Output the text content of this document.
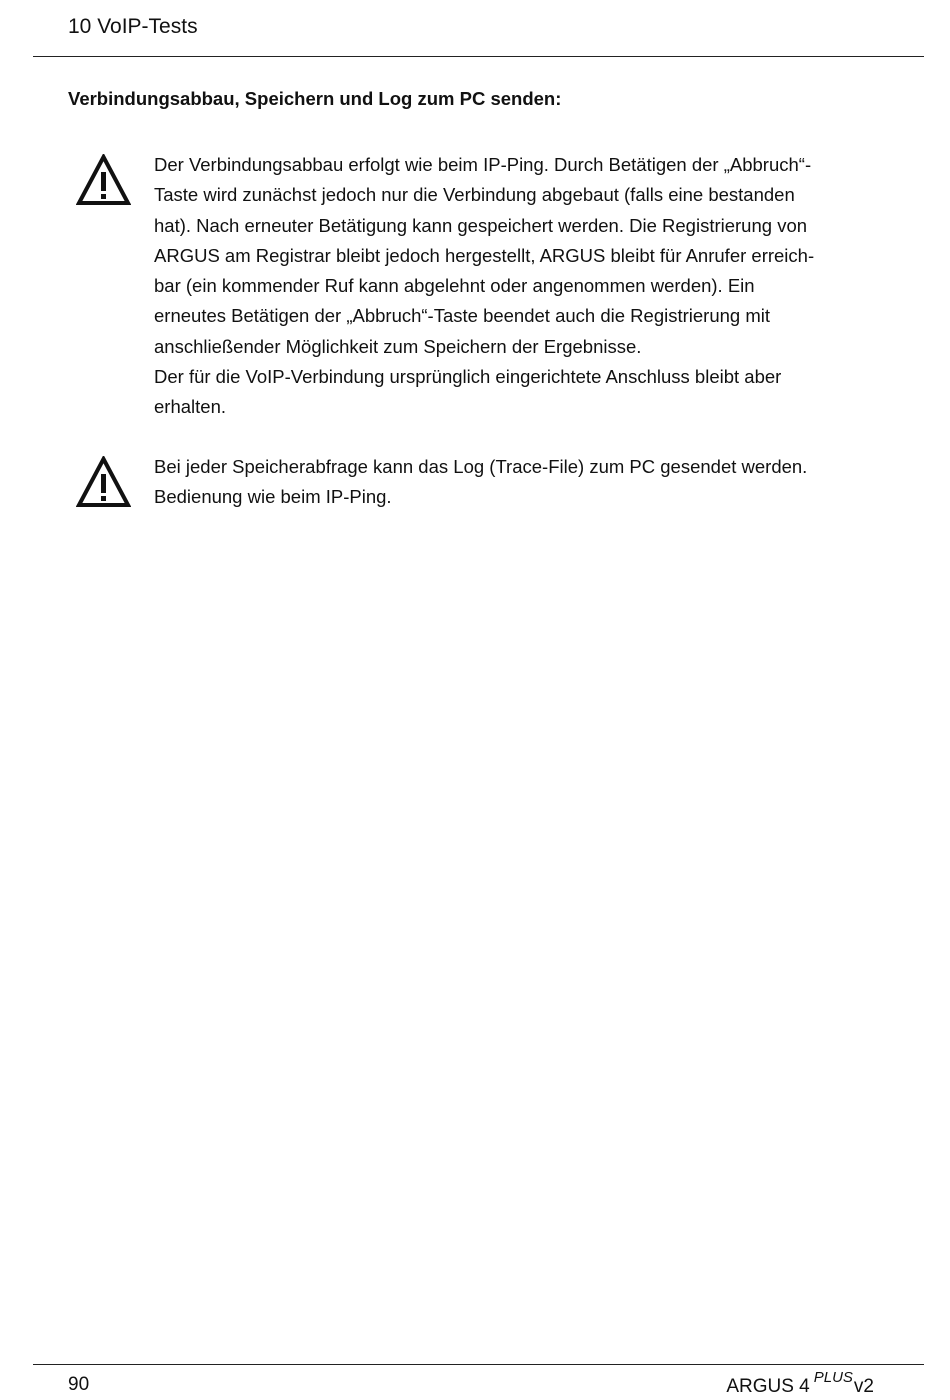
10 VoIP-Tests
Verbindungsabbau, Speichern und Log zum PC senden:
Der Verbindungsabbau erfolgt wie beim IP-Ping. Durch Betätigen der „Abbruch“-
Taste wird zunächst jedoch nur die Verbindung abgebaut (falls eine bestanden
hat). Nach erneuter Betätigung kann gespeichert werden. Die Registrierung von
ARGUS am Registrar bleibt jedoch hergestellt, ARGUS bleibt für Anrufer erreich-
bar (ein kommender Ruf kann abgelehnt oder angenommen werden). Ein
erneutes Betätigen der „Abbruch“-Taste beendet auch die Registrierung mit
anschließender Möglichkeit zum Speichern der Ergebnisse.
Der für die VoIP-Verbindung ursprünglich eingerichtete Anschluss bleibt aber
erhalten.
Bei jeder Speicherabfrage kann das Log (Trace-File) zum PC gesendet werden.
Bedienung wie beim IP-Ping.
90	ARGUS 4 $^{PLUS}$v2
